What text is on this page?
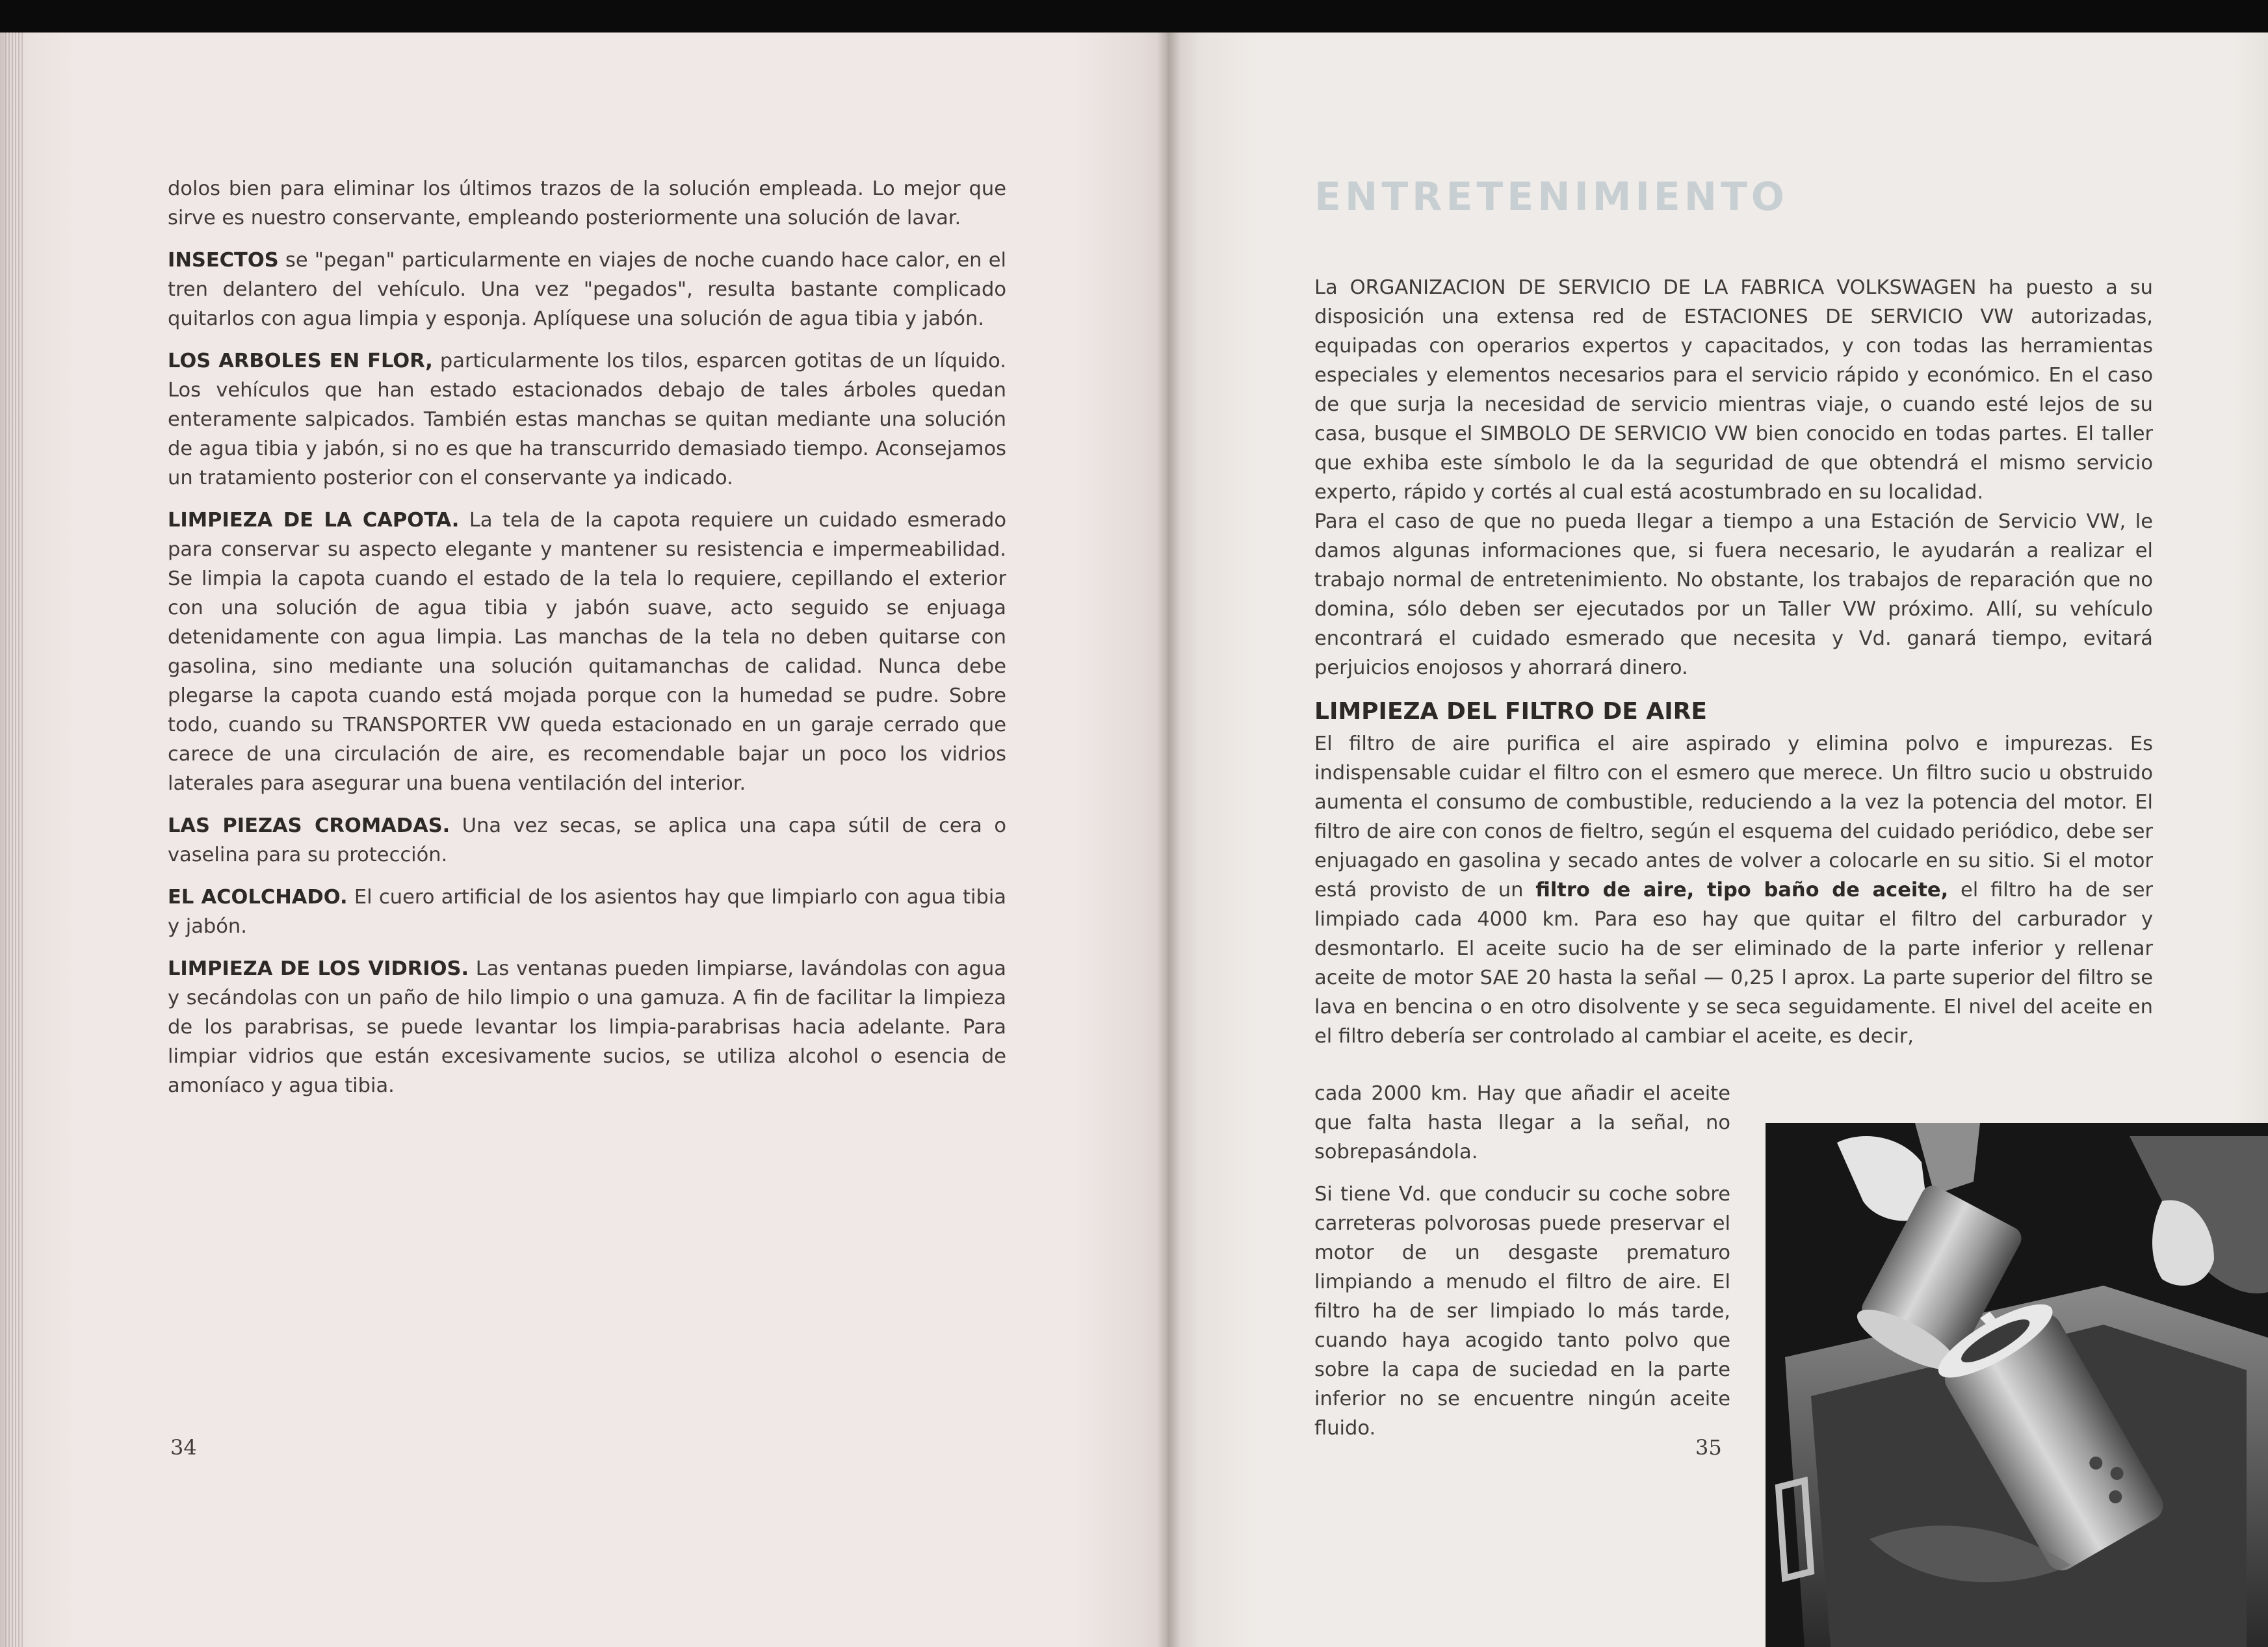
dolos bien para eliminar los últimos trazos de la solución empleada. Lo mejor que sirve es nuestro conservante, empleando posteriormente una solución de lavar.

INSECTOS se "pegan" particularmente en viajes de noche cuando hace calor, en el tren delantero del vehículo. Una vez "pegados", resulta bastante complicado quitarlos con agua limpia y esponja. Aplíquese una solución de agua tibia y jabón.

LOS ARBOLES EN FLOR, particularmente los tilos, esparcen gotitas de un líquido. Los vehículos que han estado estacionados debajo de tales árboles quedan enteramente salpicados. También estas manchas se quitan mediante una solución de agua tibia y jabón, si no es que ha transcurrido demasiado tiempo. Aconsejamos un tratamiento posterior con el conservante ya indicado.

LIMPIEZA DE LA CAPOTA. La tela de la capota requiere un cuidado esmerado para conservar su aspecto elegante y mantener su resistencia e impermeabilidad. Se limpia la capota cuando el estado de la tela lo requiere, cepillando el exterior con una solución de agua tibia y jabón suave, acto seguido se enjuaga detenidamente con agua limpia. Las manchas de la tela no deben quitarse con gasolina, sino mediante una solución quitamanchas de calidad. Nunca debe plegarse la capota cuando está mojada porque con la humedad se pudre. Sobre todo, cuando su TRANSPORTER VW queda estacionado en un garaje cerrado que carece de una circulación de aire, es recomendable bajar un poco los vidrios laterales para asegurar una buena ventilación del interior.

LAS PIEZAS CROMADAS. Una vez secas, se aplica una capa sútil de cera o vaselina para su protección.

EL ACOLCHADO. El cuero artificial de los asientos hay que limpiarlo con agua tibia y jabón.

LIMPIEZA DE LOS VIDRIOS. Las ventanas pueden limpiarse, lavándolas con agua y secándolas con un paño de hilo limpio o una gamuza. A fin de facilitar la limpieza de los parabrisas, se puede levantar los limpia-parabrisas hacia adelante. Para limpiar vidrios que están excesivamente sucios, se utiliza alcohol o esencia de amoníaco y agua tibia.

34
ENTRETENIMIENTO

La ORGANIZACION DE SERVICIO DE LA FABRICA VOLKSWAGEN ha puesto a su disposición una extensa red de ESTACIONES DE SERVICIO VW autorizadas, equipadas con operarios expertos y capacitados, y con todas las herramientas especiales y elementos necesarios para el servicio rápido y económico. En el caso de que surja la necesidad de servicio mientras viaje, o cuando esté lejos de su casa, busque el SIMBOLO DE SERVICIO VW bien conocido en todas partes. El taller que exhiba este símbolo le da la seguridad de que obtendrá el mismo servicio experto, rápido y cortés al cual está acostumbrado en su localidad.

Para el caso de que no pueda llegar a tiempo a una Estación de Servicio VW, le damos algunas informaciones que, si fuera necesario, le ayudarán a realizar el trabajo normal de entretenimiento. No obstante, los trabajos de reparación que no domina, sólo deben ser ejecutados por un Taller VW próximo. Allí, su vehículo encontrará el cuidado esmerado que necesita y Vd. ganará tiempo, evitará perjuicios enojosos y ahorrará dinero.

LIMPIEZA DEL FILTRO DE AIRE

El filtro de aire purifica el aire aspirado y elimina polvo e impurezas. Es indispensable cuidar el filtro con el esmero que merece. Un filtro sucio u obstruido aumenta el consumo de combustible, reduciendo a la vez la potencia del motor. El filtro de aire con conos de fieltro, según el esquema del cuidado periódico, debe ser enjuagado en gasolina y secado antes de volver a colocarle en su sitio. Si el motor está provisto de un filtro de aire, tipo baño de aceite, el filtro ha de ser limpiado cada 4000 km. Para eso hay que quitar el filtro del carburador y desmontarlo. El aceite sucio ha de ser eliminado de la parte inferior y rellenar aceite de motor SAE 20 hasta la señal — 0,25 l aprox. La parte superior del filtro se lava en bencina o en otro disolvente y se seca seguidamente. El nivel del aceite en el filtro debería ser controlado al cambiar el aceite, es decir,

cada 2000 km. Hay que añadir el aceite que falta hasta llegar a la señal, no sobrepasándola.

Si tiene Vd. que conducir su coche sobre carreteras polvorosas puede preservar el motor de un desgaste prematuro limpiando a menudo el filtro de aire. El filtro ha de ser limpiado lo más tarde, cuando haya acogido tanto polvo que sobre la capa de suciedad en la parte inferior no se encuentre ningún aceite fluido.

35
